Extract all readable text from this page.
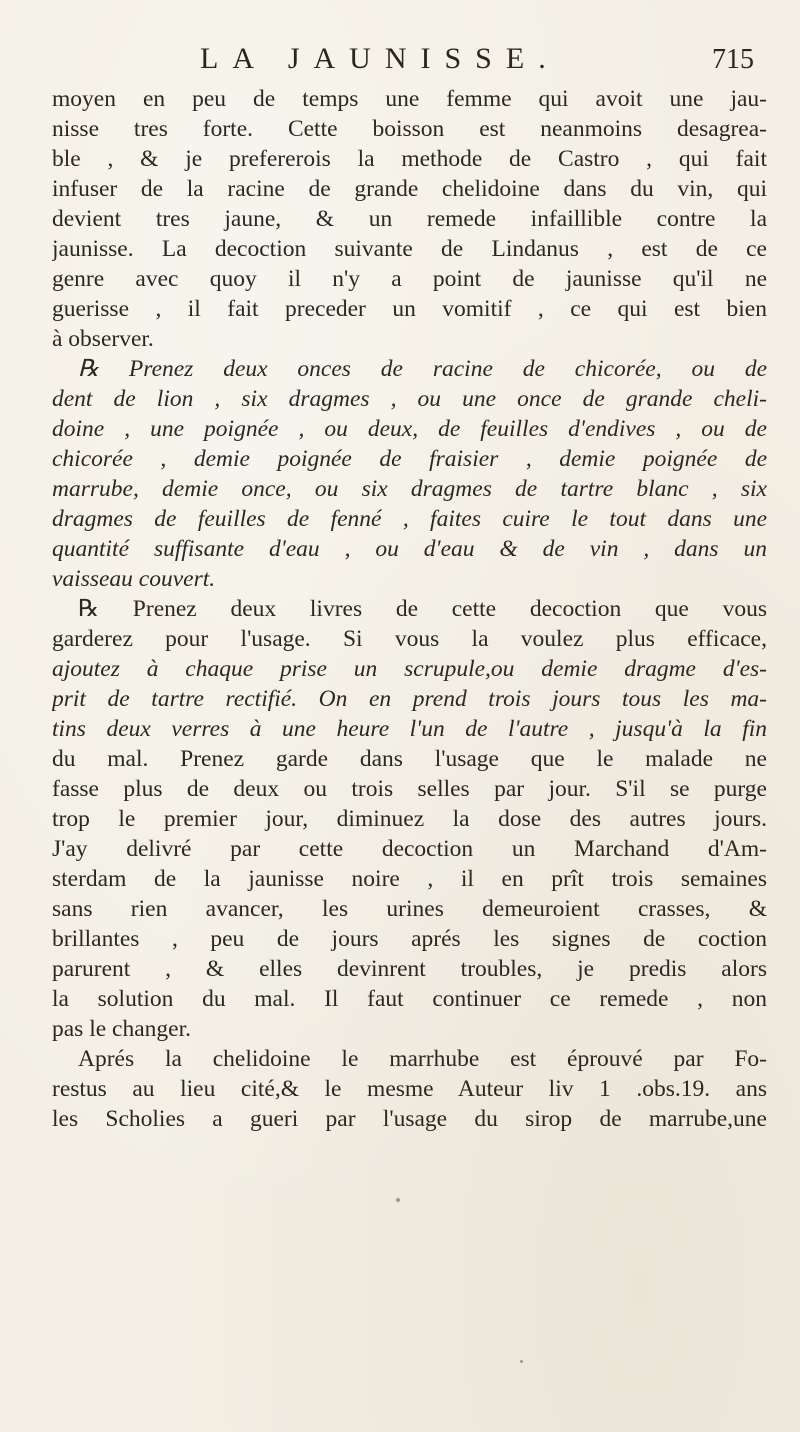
LA JAUNISSE.	715
moyen en peu de temps une femme qui avoit une jau-
nisse tres forte. Cette boisson est neanmoins desagrea-
ble , & je prefererois la methode de Castro , qui fait
infuser de la racine de grande chelidoine dans du vin, qui
devient tres jaune, & un remede infaillible contre la
jaunisse. La decoction suivante de Lindanus , est de ce
genre avec quoy il n'y a point de jaunisse qu'il ne
guerisse , il fait preceder un vomitif , ce qui est bien
à observer.
℞ Prenez deux onces de racine de chicorée, ou de
dent de lion , six dragmes , ou une once de grande cheli-
doine , une poignée , ou deux, de feuilles d'endives , ou de
chicorée , demie poignée de fraisier , demie poignée de
marrube, demie once, ou six dragmes de tartre blanc , six
dragmes de feuilles de fenné , faites cuire le tout dans une
quantité suffisante d'eau , ou d'eau & de vin , dans un
vaisseau couvert.
℞ Prenez deux livres de cette decoction que vous
garderez pour l'usage. Si vous la voulez plus efficace,
ajoutez à chaque prise un scrupule,ou demie dragme d'es-
prit de tartre rectifié. On en prend trois jours tous les ma-
tins deux verres à une heure l'un de l'autre , jusqu'à la fin
du mal. Prenez garde dans l'usage que le malade ne
fasse plus de deux ou trois selles par jour. S'il se purge
trop le premier jour, diminuez la dose des autres jours.
J'ay delivré par cette decoction un Marchand d'Am-
sterdam de la jaunisse noire , il en prît trois semaines
sans rien avancer, les urines demeuroient crasses, &
brillantes , peu de jours aprés les signes de coction
parurent , & elles devinrent troubles, je predis alors
la solution du mal. Il faut continuer ce remede , non
pas le changer.
Aprés la chelidoine le marrhube est éprouvé par Fo-
restus au lieu cité,& le mesme Auteur liv 1 .obs.19. ans
les Scholies a gueri par l'usage du sirop de marrube,une
